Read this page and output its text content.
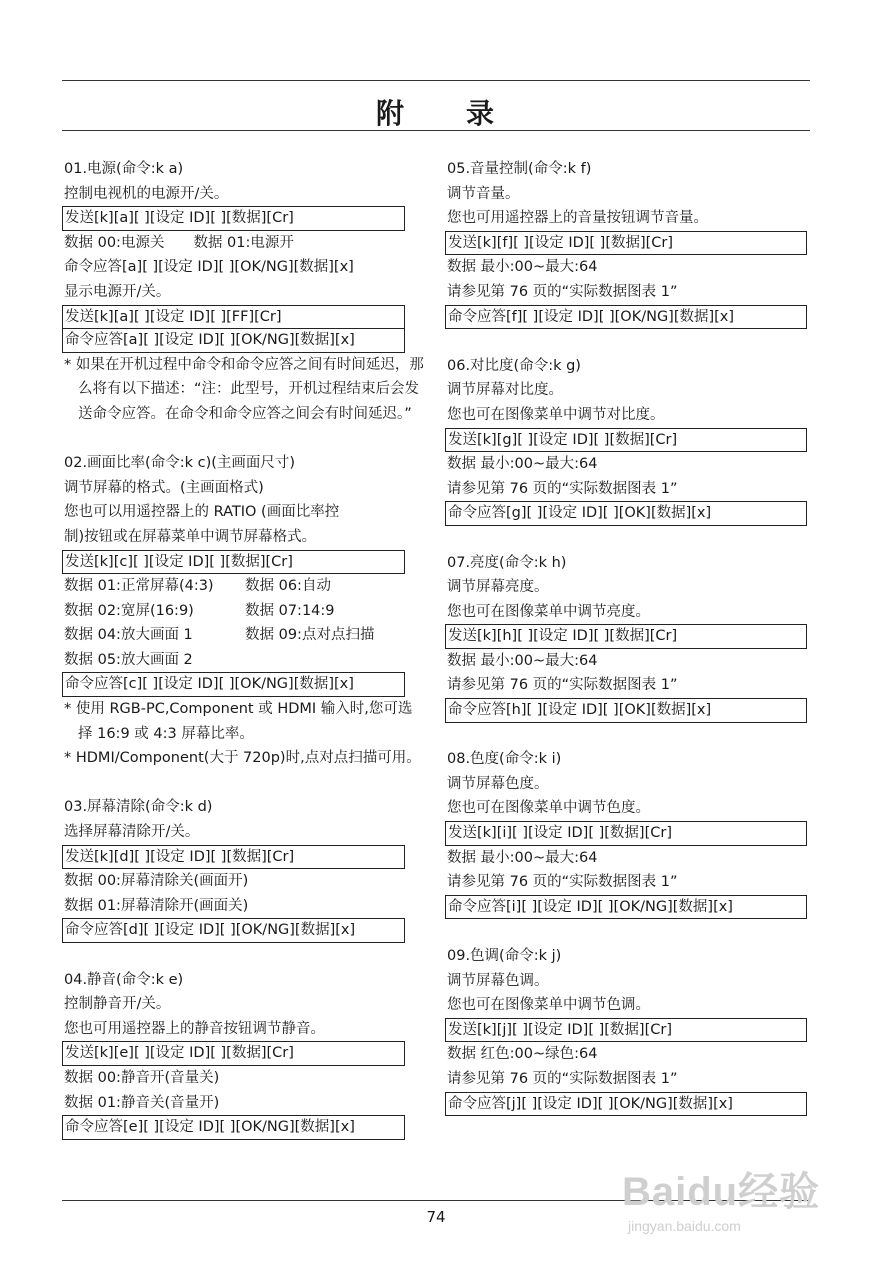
附　　录
01.电源(命令:k a)
控制电视机的电源开/关。
发送[k][a][ ][设定 ID][ ][数据][Cr]
数据 00:电源关　　数据 01:电源开
命令应答[a][ ][设定 ID][ ][OK/NG][数据][x]
显示电源开/关。
发送[k][a][ ][设定 ID][ ][FF][Cr]
命令应答[a][ ][设定 ID][ ][OK/NG][数据][x]

* 如果在开机过程中命令和命令应答之间有时间延迟，那么将有以下描述：“注：此型号，开机过程结束后会发送命令应答。在命令和命令应答之间会有时间延迟。”

02.画面比率(命令:k c)(主画面尺寸)
调节屏幕的格式。(主画面格式)
您也可以用遥控器上的 RATIO (画面比率控
制)按钮或在屏幕菜单中调节屏幕格式。
发送[k][c][ ][设定 ID][ ][数据][Cr]
数据 01:正常屏幕(4:3)	数据 06:自动
数据 02:宽屏(16:9)	数据 07:14:9
数据 04:放大画面 1	数据 09:点对点扫描
数据 05:放大画面 2
命令应答[c][ ][设定 ID][ ][OK/NG][数据][x]

* 使用 RGB-PC,Component 或 HDMI 输入时,您可选择 16:9 或 4:3 屏幕比率。

* HDMI/Component(大于 720p)时,点对点扫描可用。

03.屏幕清除(命令:k d)
选择屏幕清除开/关。
发送[k][d][ ][设定 ID][ ][数据][Cr]
数据 00:屏幕清除关(画面开)
数据 01:屏幕清除开(画面关)
命令应答[d][ ][设定 ID][ ][OK/NG][数据][x]
04.静音(命令:k e)
控制静音开/关。
您也可用遥控器上的静音按钮调节静音。
发送[k][e][ ][设定 ID][ ][数据][Cr]
数据 00:静音开(音量关)
数据 01:静音关(音量开)
命令应答[e][ ][设定 ID][ ][OK/NG][数据][x]
05.音量控制(命令:k f)
调节音量。
您也可用遥控器上的音量按钮调节音量。
发送[k][f][ ][设定 ID][ ][数据][Cr]
数据 最小:00~最大:64
请参见第 76 页的“实际数据图表 1”
命令应答[f][ ][设定 ID][ ][OK/NG][数据][x]
06.对比度(命令:k g)
调节屏幕对比度。
您也可在图像菜单中调节对比度。
发送[k][g][ ][设定 ID][ ][数据][Cr]
数据 最小:00~最大:64
请参见第 76 页的“实际数据图表 1”
命令应答[g][ ][设定 ID][ ][OK][数据][x]
07.亮度(命令:k h)
调节屏幕亮度。
您也可在图像菜单中调节亮度。
发送[k][h][ ][设定 ID][ ][数据][Cr]
数据 最小:00~最大:64
请参见第 76 页的“实际数据图表 1”
命令应答[h][ ][设定 ID][ ][OK][数据][x]
08.色度(命令:k i)
调节屏幕色度。
您也可在图像菜单中调节色度。
发送[k][i][ ][设定 ID][ ][数据][Cr]
数据 最小:00~最大:64
请参见第 76 页的“实际数据图表 1”
命令应答[i][ ][设定 ID][ ][OK/NG][数据][x]
09.色调(命令:k j)
调节屏幕色调。
您也可在图像菜单中调节色调。
发送[k][j][ ][设定 ID][ ][数据][Cr]
数据 红色:00~绿色:64
请参见第 76 页的“实际数据图表 1”
命令应答[j][ ][设定 ID][ ][OK/NG][数据][x]
74
Baidu经验
jingyan.baidu.com
